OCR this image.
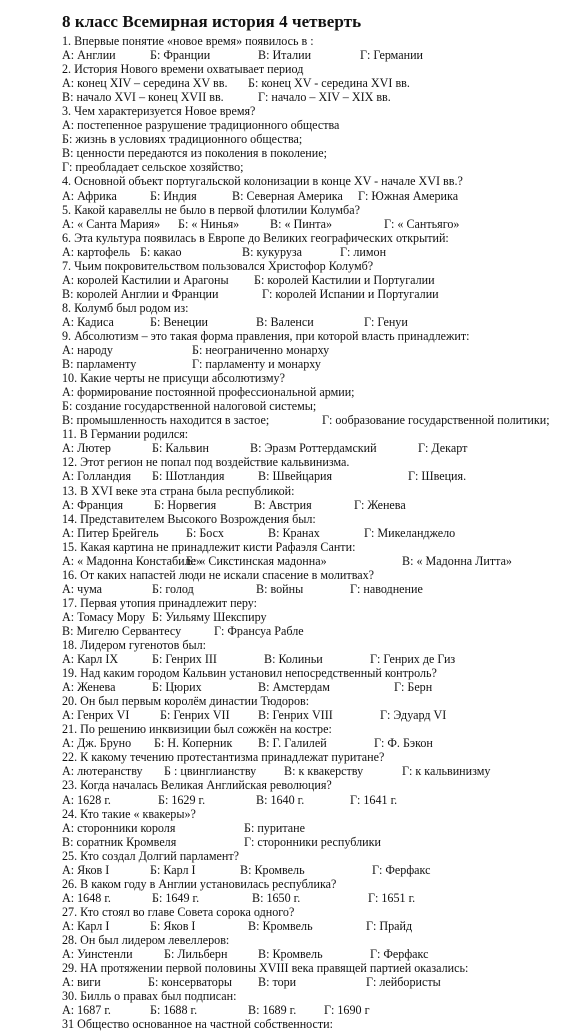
8 класс Всемирная история 4 четверть
1. Впервые понятие «новое время» появилось в :
А: Англии	Б: Франции	В: Италии	Г: Германии
2. История Нового времени охватывает период
А: конец XIV – середина XV вв. Б: конец XV - середина XVI вв.
В: начало XVI – конец XVII вв.	Г: начало – XIV – XIX вв.
3. Чем характеризуется Новое время?
А: постепенное разрушение традиционного общества
Б: жизнь в условиях традиционного общества;
В: ценности передаются из поколения в поколение;
Г: преобладает сельское хозяйство;
4. Основной объект португальской колонизации в конце XV - начале XVI вв.?
А: Африка	Б: Индия	В: Северная Америка Г: Южная Америка
5. Какой каравеллы не было в первой флотилии Колумба?
А: « Санта Мария» Б: « Нинья»	В: « Пинта»	Г: « Сантьяго»
6. Эта культура появилась в Европе до Великих географических открытий:
А: картофель Б: какао	В: кукуруза	Г: лимон
7. Чьим покровительством пользовался Христофор Колумб?
А: королей Кастилии и Арагоны Б: королей Кастилии и Португалии
В: королей Англии и Франции	Г: королей Испании и Португалии
8. Колумб был родом из:
А: Кадиса	Б: Венеции	В: Валенси	Г: Генуи
9. Абсолютизм – это такая форма правления, при которой власть принадлежит:
А: народу	Б: неограниченно монарху
В: парламенту	Г: парламенту и монарху
10. Какие черты не присущи абсолютизму?
А: формирование постоянной профессиональной армии;
Б: создание государственной налоговой системы;
В: промышленность находится в застое;	Г: ообразование государственной политики;
11. В Германии родился:
А: Лютер	Б: Кальвин	В: Эразм Роттердамский	Г: Декарт
12. Этот регион не попал под воздействие кальвинизма.
А: Голландия Б: Шотландия	В: Швейцария	Г: Швеция.
13. В XVI веке эта страна была республикой:
А: Франция	Б: Норвегия	В: Австрия	Г: Женева
14. Представителем Высокого Возрождения был:
А: Питер Брейгель Б: Босх	В: Кранах	Г: Микеланджело
15. Какая картина не принадлежит кисти Рафаэля Санти:
А: « Мадонна Констабиле»
Б: « Сикстинская мадонна»	В: « Мадонна Литта»
16. От каких напастей люди не искали спасение в молитвах?
А: чума	Б: голод	В: войны	Г: наводнение
17. Первая утопия принадлежит перу:
А: Томасу Мору Б: Уильяму Шекспиру
В: Мигелю Сервантесу	Г: Франсуа Рабле
18. Лидером гугенотов был:
А: Карл IX	Б: Генрих III	В: Колиньи	Г: Генрих де Гиз
19. Над каким городом Кальвин установил непосредственный контроль?
А: Женева	Б: Цюрих	В: Амстердам	Г: Берн
20. Он был первым королём династии Тюдоров:
А: Генрих VI	Б: Генрих VII В: Генрих VIII	Г: Эдуард VI
21. По решению инквизиции был сожжён на костре:
А: Дж. Бруно Б: Н. Коперник В: Г. Галилей	Г: Ф. Бэкон
22. К какому течению протестантизма принадлежат пуритане?
А: лютеранству Б : цвинглианству В: к квакерству	Г: к кальвинизму
23. Когда началась Великая Английская революция?
А: 1628 г.	Б: 1629 г.	В: 1640 г.	Г: 1641 г.
24. Кто такие « квакеры»?
А: сторонники короля	Б: пуритане
В: соратник Кромвеля	Г: сторонники республики
25. Кто создал Долгий парламент?
А: Яков I	Б: Карл I	В: Кромвель	Г: Ферфакс
26. В каком году в Англии установилась республика?
А: 1648 г.	Б: 1649 г.	В: 1650 г.	Г: 1651 г.
27. Кто стоял во главе Совета сорока одного?
А: Карл I	Б: Яков I	В: Кромвель	Г: Прайд
28. Он был лидером левеллеров:
А: Уинстенли	Б: Лильберн	В: Кромвель	Г: Ферфакс
29. НА протяжении первой половины XVIII века правящей партией оказались:
А: виги	Б: консерваторы В: тори	Г: лейбористы
30. Билль о правах был подписан:
А: 1687 г.	Б: 1688 г.	В: 1689 г. Г: 1690 г
31 Общество основанное на частной собственности:
